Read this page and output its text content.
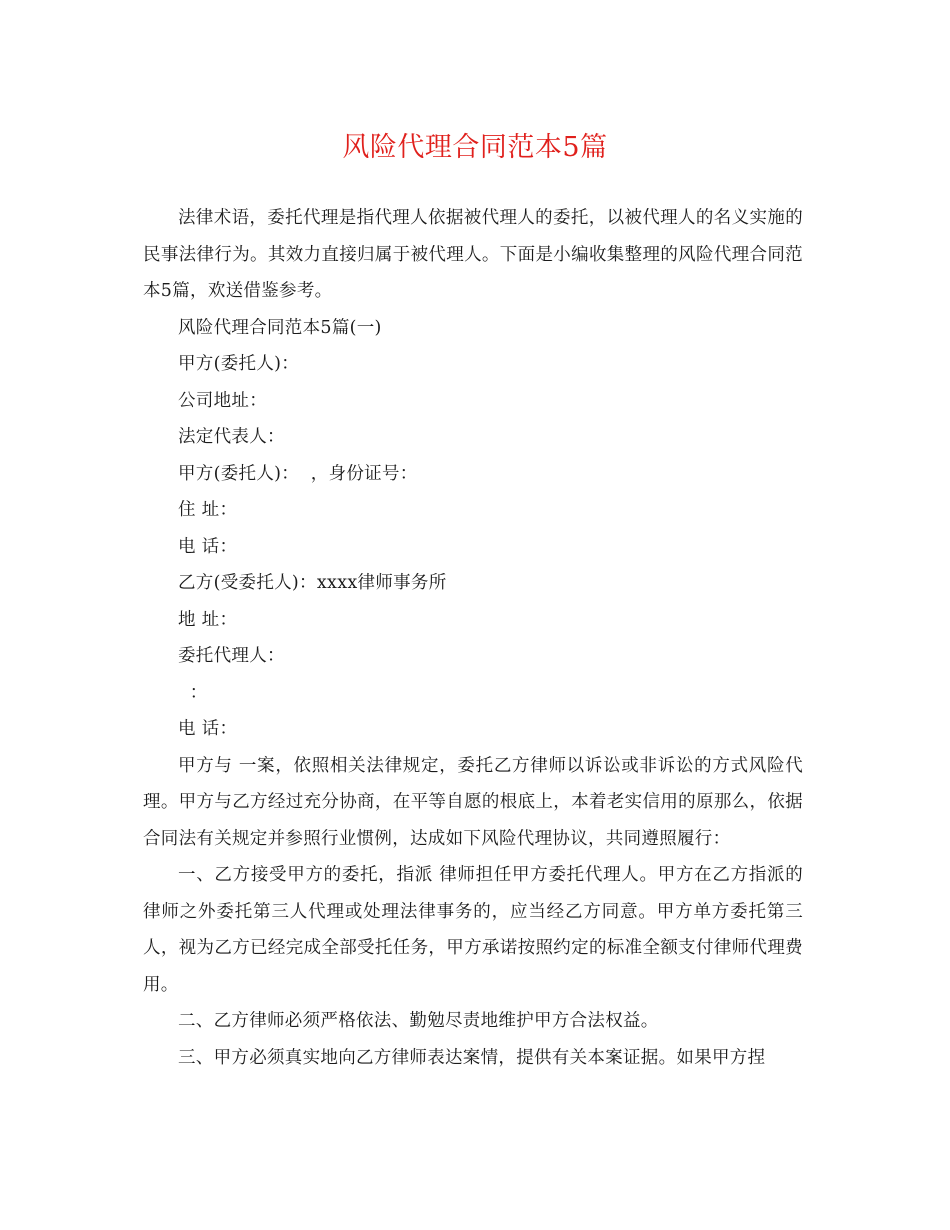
风险代理合同范本5篇

法律术语，委托代理是指代理人依据被代理人的委托，以被代理人的名义实施的民事法律行为。其效力直接归属于被代理人。下面是小编收集整理的风险代理合同范本5篇，欢送借鉴参考。

风险代理合同范本5篇(一)

甲方(委托人)：

公司地址：

法定代表人：

甲方(委托人)：  ，身份证号：

住 址：

电 话：

乙方(受委托人)：xxxx律师事务所

地 址：

委托代理人：

：

电 话：

甲方与 一案，依照相关法律规定，委托乙方律师以诉讼或非诉讼的方式风险代理。甲方与乙方经过充分协商，在平等自愿的根底上，本着老实信用的原那么，依据合同法有关规定并参照行业惯例，达成如下风险代理协议，共同遵照履行：

一、乙方接受甲方的委托，指派 律师担任甲方委托代理人。甲方在乙方指派的律师之外委托第三人代理或处理法律事务的，应当经乙方同意。甲方单方委托第三人，视为乙方已经完成全部受托任务，甲方承诺按照约定的标准全额支付律师代理费用。

二、乙方律师必须严格依法、勤勉尽责地维护甲方合法权益。

三、甲方必须真实地向乙方律师表达案情，提供有关本案证据。如果甲方捏
